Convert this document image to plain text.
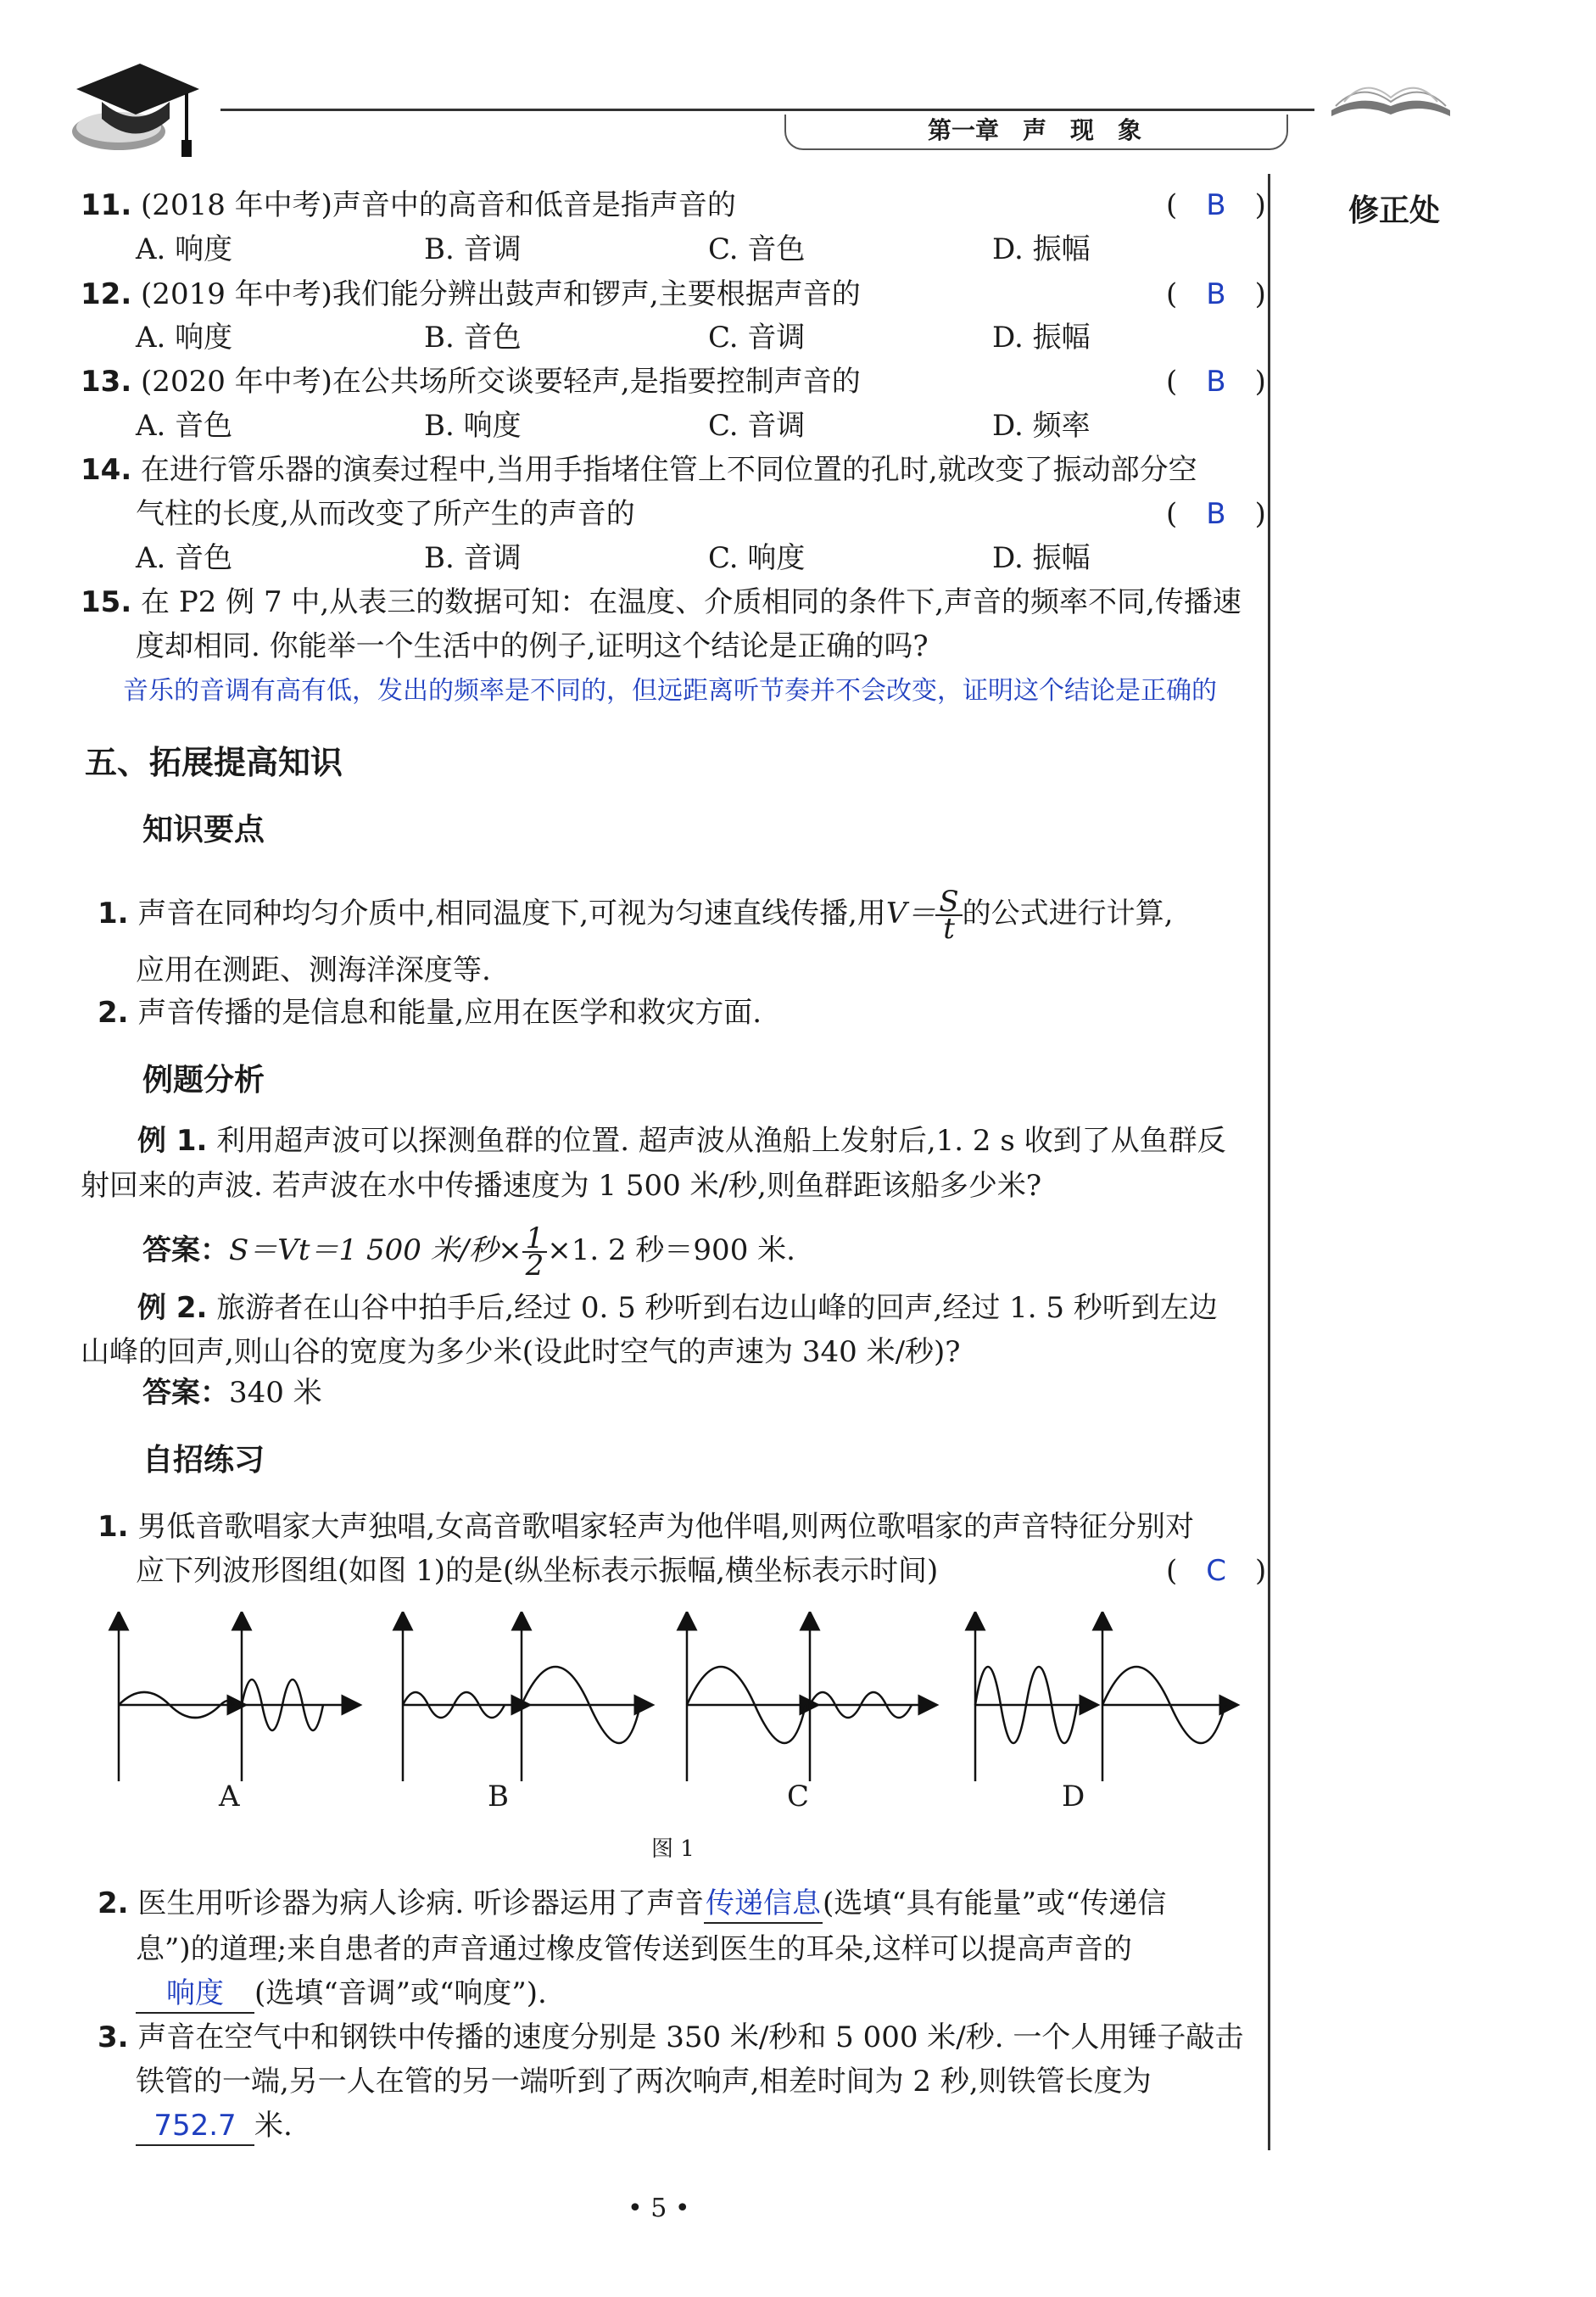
第一章　声　现　象
修正处
11. (2018 年中考)声音中的高音和低音是指声音的	(　B　)
A. 响度	B. 音调	C. 音色	D. 振幅
12. (2019 年中考)我们能分辨出鼓声和锣声,主要根据声音的	(　B　)
A. 响度	B. 音色	C. 音调	D. 振幅
13. (2020 年中考)在公共场所交谈要轻声,是指要控制声音的	(　B　)
A. 音色	B. 响度	C. 音调	D. 频率
14. 在进行管乐器的演奏过程中,当用手指堵住管上不同位置的孔时,就改变了振动部分空
气柱的长度,从而改变了所产生的声音的	(　B　)
A. 音色	B. 音调	C. 响度	D. 振幅
15. 在 P2 例 7 中,从表三的数据可知：在温度、介质相同的条件下,声音的频率不同,传播速
度却相同. 你能举一个生活中的例子,证明这个结论是正确的吗?
音乐的音调有高有低，发出的频率是不同的，但远距离听节奏并不会改变，证明这个结论是正确的
五、拓展提高知识
知识要点
1. 声音在同种均匀介质中,相同温度下,可视为匀速直线传播,用$V= \frac{S}{t}$ 的公式进行计算,
应用在测距、测海洋深度等.
2. 声音传播的是信息和能量,应用在医学和救灾方面.
例题分析
例 1. 利用超声波可以探测鱼群的位置. 超声波从渔船上发射后,1. 2 s 收到了从鱼群反
射回来的声波. 若声波在水中传播速度为 1 500 米/秒,则鱼群距该船多少米?
答案：S＝Vt＝1 500 米/秒× $\frac{1}{2} \times 1$. 2 秒＝900 米.
例 2. 旅游者在山谷中拍手后,经过 0. 5 秒听到右边山峰的回声,经过 1. 5 秒听到左边
山峰的回声,则山谷的宽度为多少米(设此时空气的声速为 340 米/秒)?
答案：340 米
自招练习
1. 男低音歌唱家大声独唱,女高音歌唱家轻声为他伴唱,则两位歌唱家的声音特征分别对
应下列波形图组(如图 1)的是(纵坐标表示振幅,横坐标表示时间)	(　C　)
A	B	C	D
图 1
2. 医生用听诊器为病人诊病. 听诊器运用了声音传递信息(选填“具有能量”或“传递信
息”)的道理;来自患者的声音通过橡皮管传送到医生的耳朵,这样可以提高声音的
响度 (选填“音调”或“响度”).
3. 声音在空气中和钢铁中传播的速度分别是 350 米/秒和 5 000 米/秒. 一个人用锤子敲击
铁管的一端,另一人在管的另一端听到了两次响声,相差时间为 2 秒,则铁管长度为
752.7 米.
• 5 •
